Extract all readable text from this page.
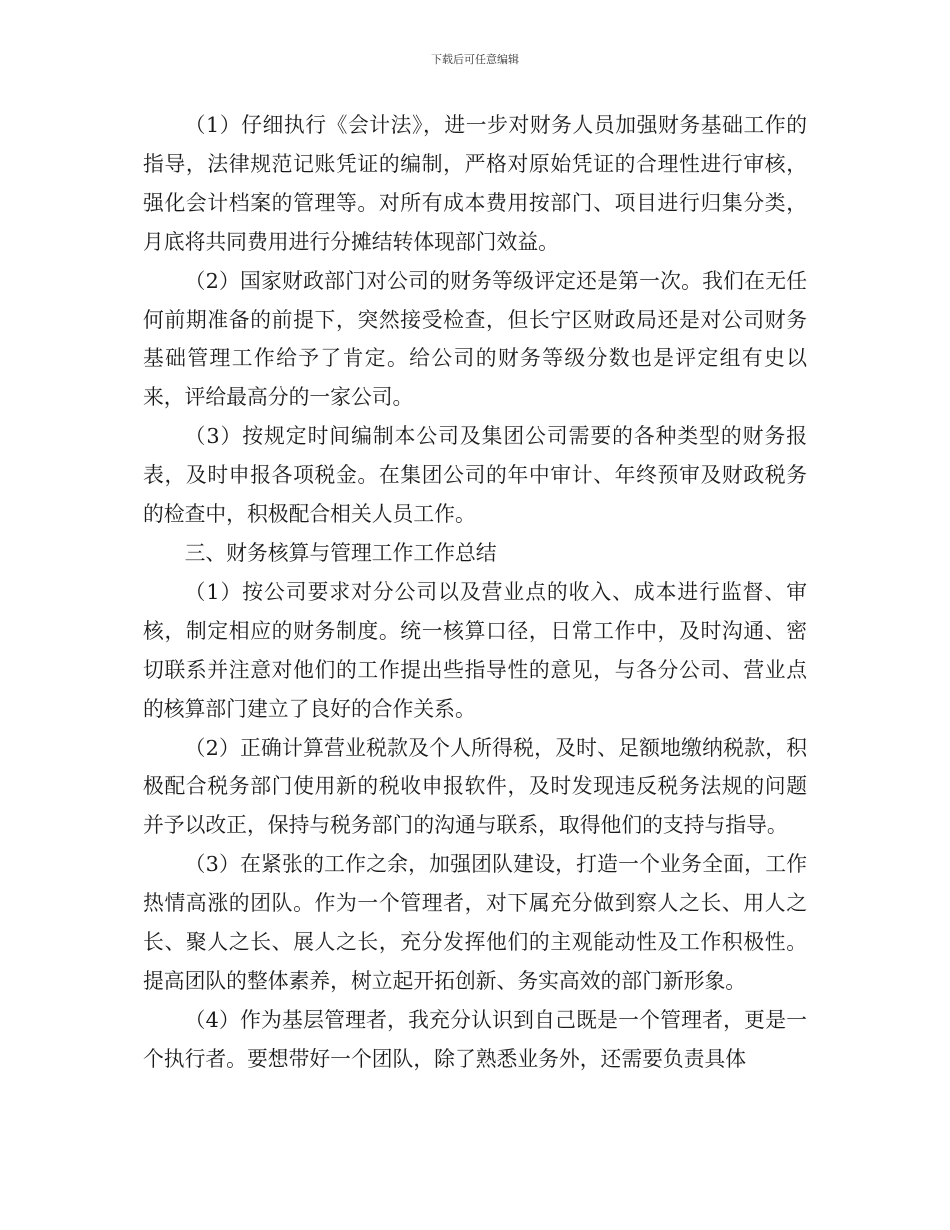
下载后可任意编辑

（1）仔细执行《会计法》，进一步对财务人员加强财务基础工作的指导，法律规范记账凭证的编制，严格对原始凭证的合理性进行审核，强化会计档案的管理等。对所有成本费用按部门、项目进行归集分类，月底将共同费用进行分摊结转体现部门效益。

（2）国家财政部门对公司的财务等级评定还是第一次。我们在无任何前期准备的前提下，突然接受检查，但长宁区财政局还是对公司财务基础管理工作给予了肯定。给公司的财务等级分数也是评定组有史以来，评给最高分的一家公司。

（3）按规定时间编制本公司及集团公司需要的各种类型的财务报表，及时申报各项税金。在集团公司的年中审计、年终预审及财政税务的检查中，积极配合相关人员工作。

三、财务核算与管理工作工作总结

（1）按公司要求对分公司以及营业点的收入、成本进行监督、审核，制定相应的财务制度。统一核算口径，日常工作中，及时沟通、密切联系并注意对他们的工作提出些指导性的意见，与各分公司、营业点的核算部门建立了良好的合作关系。

（2）正确计算营业税款及个人所得税，及时、足额地缴纳税款，积极配合税务部门使用新的税收申报软件，及时发现违反税务法规的问题并予以改正，保持与税务部门的沟通与联系，取得他们的支持与指导。

（3）在紧张的工作之余，加强团队建设，打造一个业务全面，工作热情高涨的团队。作为一个管理者，对下属充分做到察人之长、用人之长、聚人之长、展人之长，充分发挥他们的主观能动性及工作积极性。提高团队的整体素养，树立起开拓创新、务实高效的部门新形象。

（4）作为基层管理者，我充分认识到自己既是一个管理者，更是一个执行者。要想带好一个团队，除了熟悉业务外，还需要负责具体
